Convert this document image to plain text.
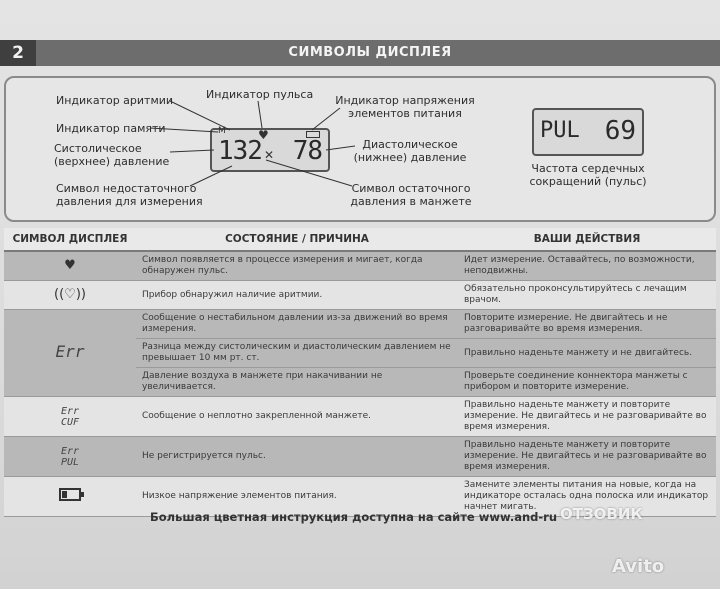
2	СИМВОЛЫ ДИСПЛЕЯ
Индикатор аритмии	Индикатор пульса	Индикатор напряжения
элементов питания
Индикатор памяти
Систолическое
(верхнее) давление
Диастолическое
(нижнее) давление
Символ недостаточного
давления для измерения
Символ остаточного
давления в манжете
Частота сердечных
сокращений (пульс)
M	♥
132 ✕ 78
PUL 69
СИМВОЛ ДИСПЛЕЯ	СОСТОЯНИЕ / ПРИЧИНА	ВАШИ ДЕЙСТВИЯ
♥	Символ появляется в процессе измерения и мигает, когда обнаружен пульс.	Идет измерение. Оставайтесь, по возможности, неподвижны.
((♡))	Прибор обнаружил наличие аритмии.	Обязательно проконсультируйтесь с лечащим врачом.
Err	Сообщение о нестабильном давлении из-за движений во время измерения.	Повторите измерение. Не двигайтесь и не разговаривайте во время измерения.
	Разница между систолическим и диастолическим давлением не превышает 10 мм рт. ст.	Правильно наденьте манжету и не двигайтесь.
	Давление воздуха в манжете при накачивании не увеличивается.	Проверьте соединение коннектора манжеты с прибором и повторите измерение.

Err
CUF	Сообщение о неплотно закрепленной манжете.	Правильно наденьте манжету и повторите измерение. Не двигайтесь и не разговаривайте во время измерения.

Err
PUL	Не регистрируется пульс.	Правильно наденьте манжету и повторите измерение. Не двигайтесь и не разговаривайте во время измерения.
	Низкое напряжение элементов питания.	Замените элементы питания на новые, когда на индикаторе осталась одна полоска или индикатор начнет мигать.
Большая цветная инструкция доступна на сайте www.and-ru ОТЗОВИК
Avito
